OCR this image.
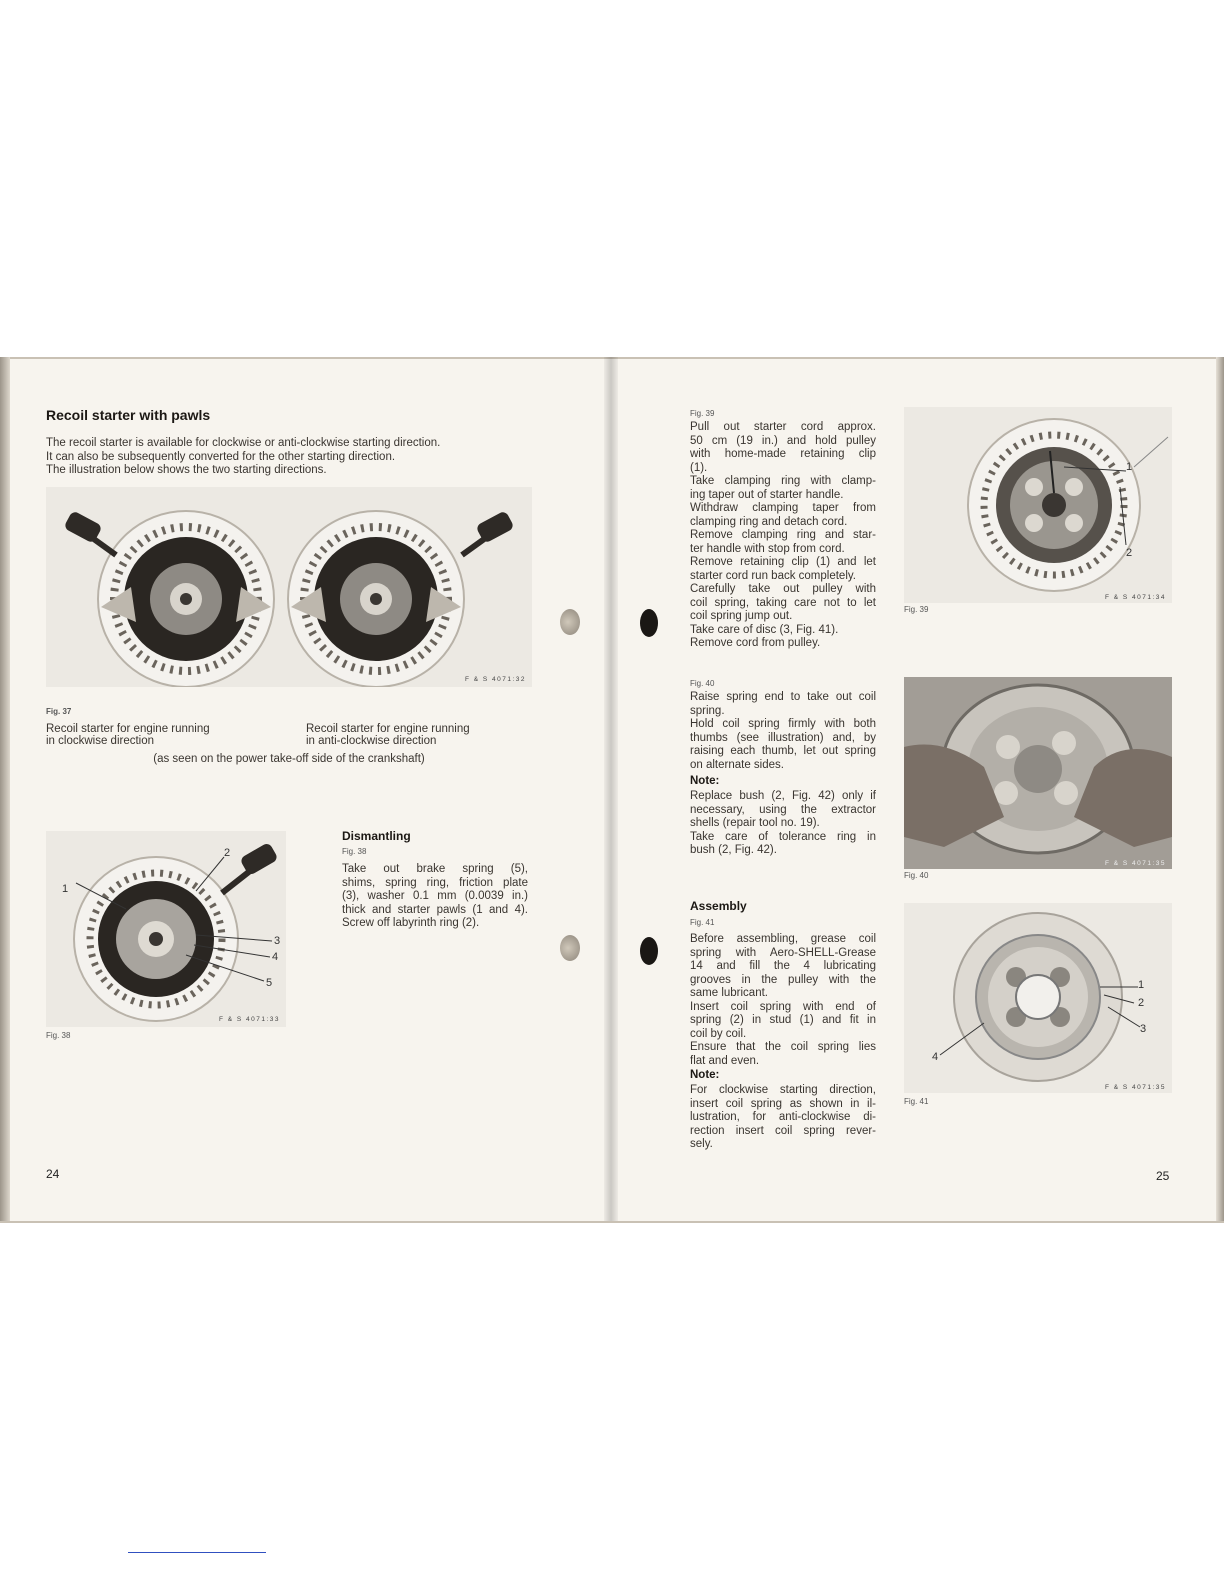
Recoil starter with pawls
The recoil starter is available for clockwise or anti-clockwise starting direction.
It can also be subsequently converted for the other starting direction.
The illustration below shows the two starting directions.
F & S 4071:32
Fig. 37
Recoil starter for engine running
in clockwise direction
Recoil starter for engine running
in anti-clockwise direction
(as seen on the power take-off side of the crankshaft)
1
2
3
4
5
F & S 4071:33
Fig. 38
Dismantling
Fig. 38
Take out brake spring (5),
shims, spring ring, friction plate
(3), washer 0.1 mm (0.0039 in.)
thick and starter pawls (1 and 4).
Screw off labyrinth ring (2).
24
Fig. 39
Pull out starter cord approx.
50 cm (19 in.) and hold pulley
with home-made retaining clip
(1).
Take clamping ring with clamp-
ing taper out of starter handle.
Withdraw clamping taper from
clamping ring and detach cord.
Remove clamping ring and star-
ter handle with stop from cord.
Remove retaining clip (1) and let
starter cord run back completely.
Carefully take out pulley with
coil spring, taking care not to let
coil spring jump out.
Take care of disc (3, Fig. 41).
Remove cord from pulley.
1
2
F & S 4071:34
Fig. 39
Fig. 40
Raise spring end to take out coil
spring.
Hold coil spring firmly with both
thumbs (see illustration) and, by
raising each thumb, let out spring
on alternate sides.
Note:
Replace bush (2, Fig. 42) only if
necessary, using the extractor
shells (repair tool no. 19).
Take care of tolerance ring in
bush (2, Fig. 42).
F & S 4071:35
Fig. 40
Assembly
Fig. 41
Before assembling, grease coil
spring with Aero-SHELL-Grease
14 and fill the 4 lubricating
grooves in the pulley with the
same lubricant.
Insert coil spring with end of
spring (2) in stud (1) and fit in
coil by coil.
Ensure that the coil spring lies
flat and even.
Note:
For clockwise starting direction,
insert coil spring as shown in il-
lustration, for anti-clockwise di-
rection insert coil spring rever-
sely.
1
2
3
4
F & S 4071:35
Fig. 41
25
